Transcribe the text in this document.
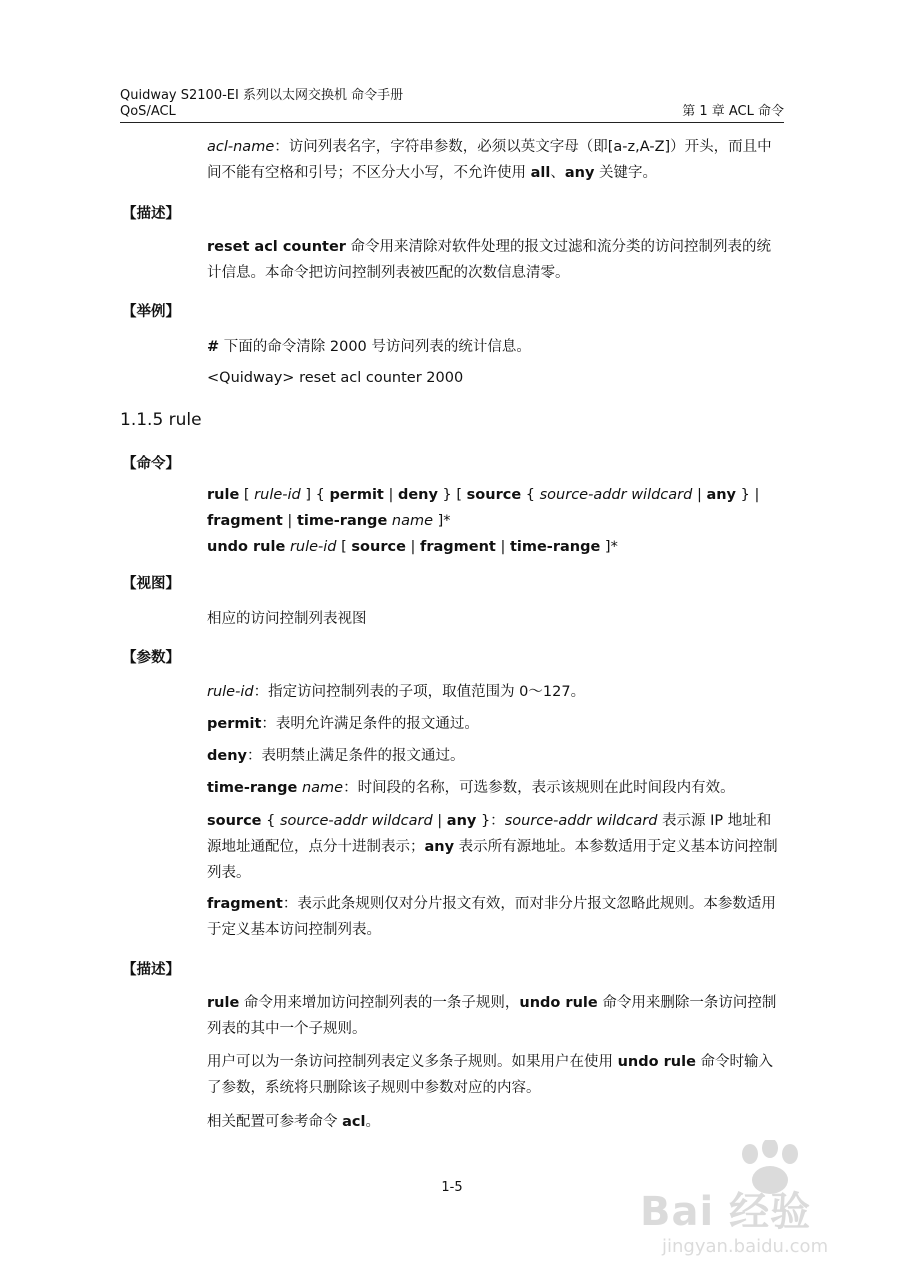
Quidway S2100-EI 系列以太网交换机 命令手册
QoS/ACL	第 1 章 ACL 命令

acl-name：访问列表名字，字符串参数，必须以英文字母（即[a-z,A-Z]）开头，而且中间不能有空格和引号；不区分大小写，不允许使用 all、any 关键字。

【描述】

reset acl counter 命令用来清除对软件处理的报文过滤和流分类的访问控制列表的统计信息。本命令把访问控制列表被匹配的次数信息清零。

【举例】

# 下面的命令清除 2000 号访问列表的统计信息。

<Quidway> reset acl counter 2000

1.1.5 rule
【命令】

rule [ rule-id ] { permit | deny } [ source { source-addr wildcard | any } | fragment | time-range name ]*

undo rule rule-id [ source | fragment | time-range ]*

【视图】

相应的访问控制列表视图

【参数】

rule-id：指定访问控制列表的子项，取值范围为 0～127。

permit：表明允许满足条件的报文通过。

deny：表明禁止满足条件的报文通过。

time-range name：时间段的名称，可选参数，表示该规则在此时间段内有效。

source { source-addr wildcard | any }：source-addr wildcard 表示源 IP 地址和源地址通配位，点分十进制表示；any 表示所有源地址。本参数适用于定义基本访问控制列表。

fragment：表示此条规则仅对分片报文有效，而对非分片报文忽略此规则。本参数适用于定义基本访问控制列表。

【描述】

rule 命令用来增加访问控制列表的一条子规则，undo rule 命令用来删除一条访问控制列表的其中一个子规则。

用户可以为一条访问控制列表定义多条子规则。如果用户在使用 undo rule 命令时输入了参数，系统将只删除该子规则中参数对应的内容。

相关配置可参考命令 acl。

1-5
Bai 经验
jingyan.baidu.com
